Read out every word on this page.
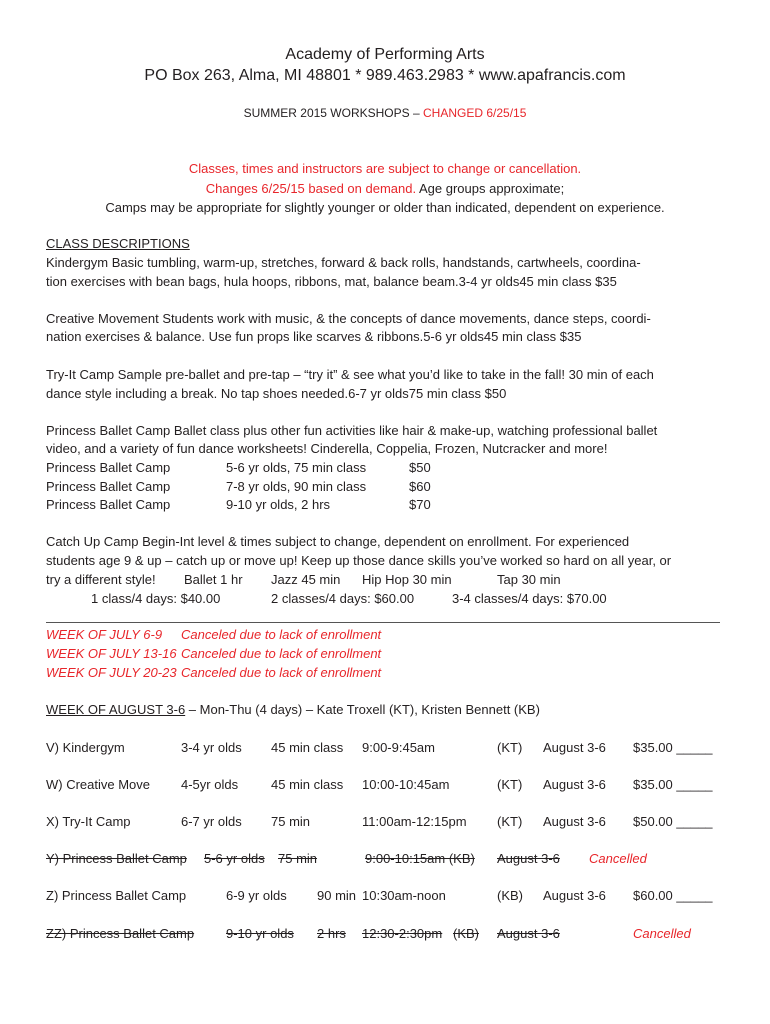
Academy of Performing Arts
PO Box 263, Alma, MI 48801 * 989.463.2983 * www.apafrancis.com
SUMMER 2015 WORKSHOPS – CHANGED 6/25/15
Classes, times and instructors are subject to change or cancellation.
Changes 6/25/15 based on demand. Age groups approximate;
Camps may be appropriate for slightly younger or older than indicated, dependent on experience.
CLASS DESCRIPTIONS
Kindergym Basic tumbling, warm-up, stretches, forward & back rolls, handstands, cartwheels, coordina-
tion exercises with bean bags, hula hoops, ribbons, mat, balance beam.3-4 yr olds45 min class $35
Creative Movement Students work with music, & the concepts of dance movements, dance steps, coordi-
nation exercises & balance. Use fun props like scarves & ribbons.5-6 yr olds45 min class $35
Try-It Camp Sample pre-ballet and pre-tap – “try it” & see what you’d like to take in the fall! 30 min of each
dance style including a break. No tap shoes needed.6-7 yr olds75 min class $50
Princess Ballet Camp Ballet class plus other fun activities like hair & make-up, watching professional ballet
video, and a variety of fun dance worksheets! Cinderella, Coppelia, Frozen, Nutcracker and more!
Princess Ballet Camp	5-6 yr olds, 75 min class	$50
Princess Ballet Camp	7-8 yr olds, 90 min class	$60
Princess Ballet Camp	9-10 yr olds, 2 hrs	$70
Catch Up Camp Begin-Int level & times subject to change, dependent on enrollment. For experienced
students age 9 & up – catch up or move up! Keep up those dance skills you’ve worked so hard on all year, or
try a different style! Ballet 1 hr Jazz 45 min Hip Hop 30 min	Tap 30 min
1 class/4 days: $40.00	2 classes/4 days: $60.00	3-4 classes/4 days: $70.00
WEEK OF JULY 6-9 Canceled due to lack of enrollment
WEEK OF JULY 13-16 Canceled due to lack of enrollment
WEEK OF JULY 20-23 Canceled due to lack of enrollment
WEEK OF AUGUST 3-6 – Mon-Thu (4 days) – Kate Troxell (KT), Kristen Bennett (KB)
V) Kindergym	3-4 yr olds 45 min class 9:00-9:45am	(KT) August 3-6 $35.00 _____
W) Creative Move 4-5yr olds	45 min class 10:00-10:45am	(KT) August 3-6 $35.00 _____
X) Try-It Camp	6-7 yr olds 75 min	11:00am-12:15pm (KT) August 3-6 $50.00 _____
Y) Princess Ballet Camp 5-6 yr olds 75 min	9:00-10:15am (KB) August 3-6 Cancelled
Z) Princess Ballet Camp	6-9 yr olds 90 min 10:30am-noon	(KB) August 3-6 $60.00 _____
ZZ) Princess Ballet Camp 9-10 yr olds 2 hrs 12:30-2:30pm (KB) August 3-6	Cancelled
